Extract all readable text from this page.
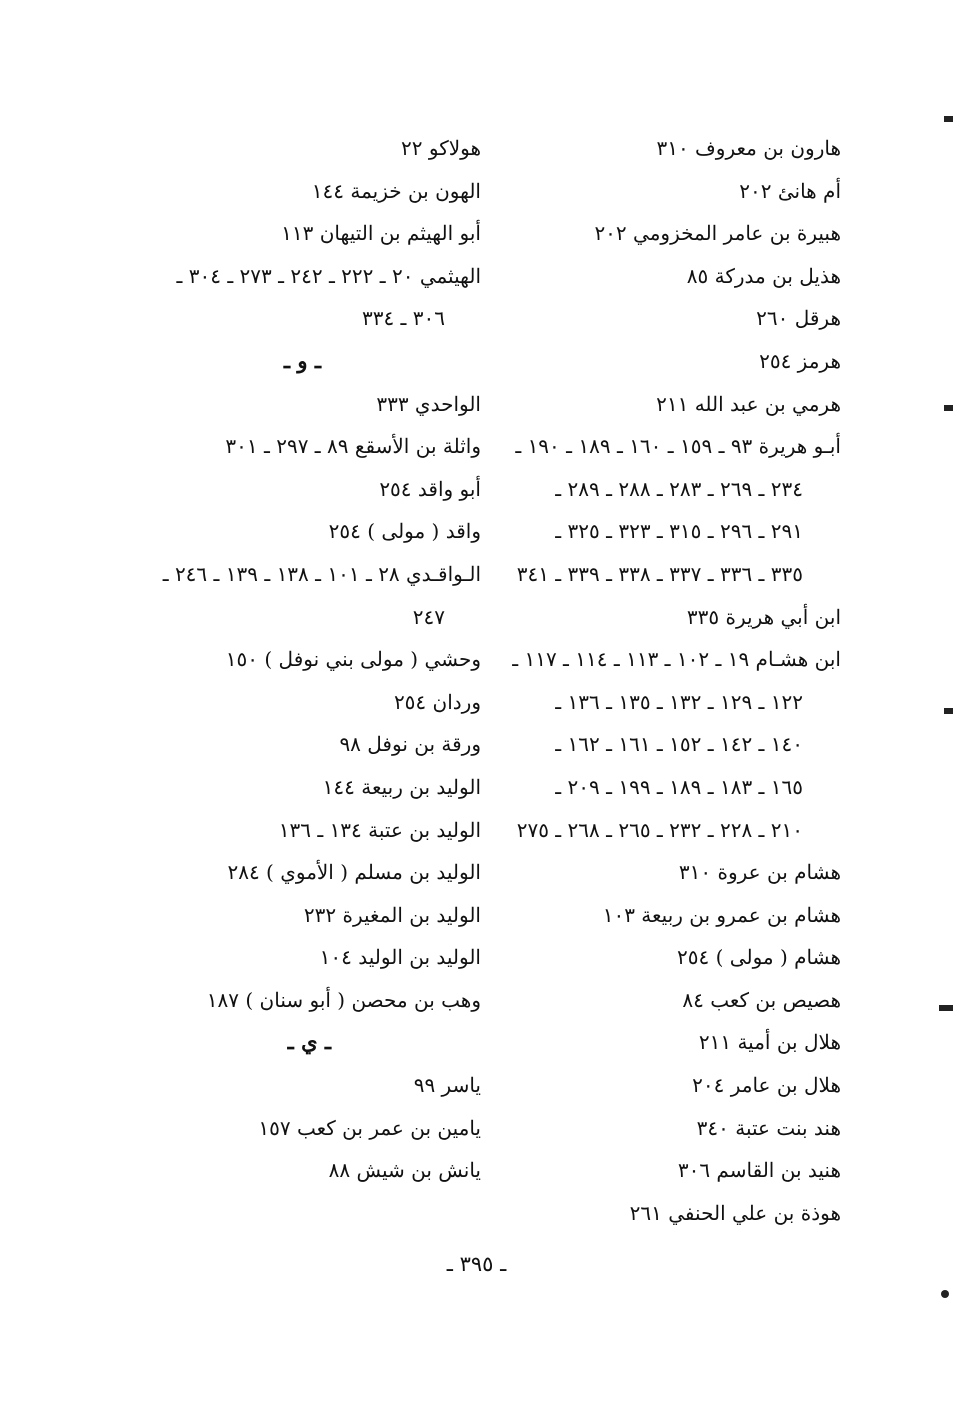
هارون بن معروف ٣١٠
أم هانئ ٢٠٢
هبيرة بن عامر المخزومي ٢٠٢
هذيل بن مدركة ٨٥
هرقل ٢٦٠
هرمز ٢٥٤
هرمي بن عبد الله ٢١١
أبـو هريرة ٩٣ ـ ١٥٩ ـ ١٦٠ ـ ١٨٩ ـ ١٩٠ ـ
٢٣٤ ـ ٢٦٩ ـ ٢٨٣ ـ ٢٨٨ ـ ٢٨٩ ـ
٢٩١ ـ ٢٩٦ ـ ٣١٥ ـ ٣٢٣ ـ ٣٢٥ ـ
٣٣٥ ـ ٣٣٦ ـ ٣٣٧ ـ ٣٣٨ ـ ٣٣٩ ـ ٣٤١
ابن أبي هريرة ٣٣٥
ابن هشـام ١٩ ـ ١٠٢ ـ ١١٣ ـ ١١٤ ـ ١١٧ ـ
١٢٢ ـ ١٢٩ ـ ١٣٢ ـ ١٣٥ ـ ١٣٦ ـ
١٤٠ ـ ١٤٢ ـ ١٥٢ ـ ١٦١ ـ ١٦٢ ـ
١٦٥ ـ ١٨٣ ـ ١٨٩ ـ ١٩٩ ـ ٢٠٩ ـ
٢١٠ ـ ٢٢٨ ـ ٢٣٢ ـ ٢٦٥ ـ ٢٦٨ ـ ٢٧٥
هشام بن عروة ٣١٠
هشام بن عمرو بن ربيعة ١٠٣
هشام ( مولى ) ٢٥٤
هصيص بن كعب ٨٤
هلال بن أمية ٢١١
هلال بن عامر ٢٠٤
هند بنت عتبة ٣٤٠
هنيد بن القاسم ٣٠٦
هوذة بن علي الحنفي ٢٦١
هولاكو ٢٢
الهون بن خزيمة ١٤٤
أبو الهيثم بن التيهان ١١٣
الهيثمي ٢٠ ـ ٢٢٢ ـ ٢٤٢ ـ ٢٧٣ ـ ٣٠٤ ـ
٣٠٦ ـ ٣٣٤
ـ و ـ
الواحدي ٣٣٣
واثلة بن الأسقع ٨٩ ـ ٢٩٧ ـ ٣٠١
أبو واقد ٢٥٤
واقد ( مولى ) ٢٥٤
الـواقـدي ٢٨ ـ ١٠١ ـ ١٣٨ ـ ١٣٩ ـ ٢٤٦ ـ
٢٤٧
وحشي ( مولى بني نوفل ) ١٥٠
وردان ٢٥٤
ورقة بن نوفل ٩٨
الوليد بن ربيعة ١٤٤
الوليد بن عتبة ١٣٤ ـ ١٣٦
الوليد بن مسلم ( الأموي ) ٢٨٤
الوليد بن المغيرة ٢٣٢
الوليد بن الوليد ١٠٤
وهب بن محصن ( أبو سنان ) ١٨٧
ـ ي ـ
ياسر ٩٩
يامين بن عمر بن كعب ١٥٧
يانش بن شيش ٨٨
ـ ٣٩٥ ـ
